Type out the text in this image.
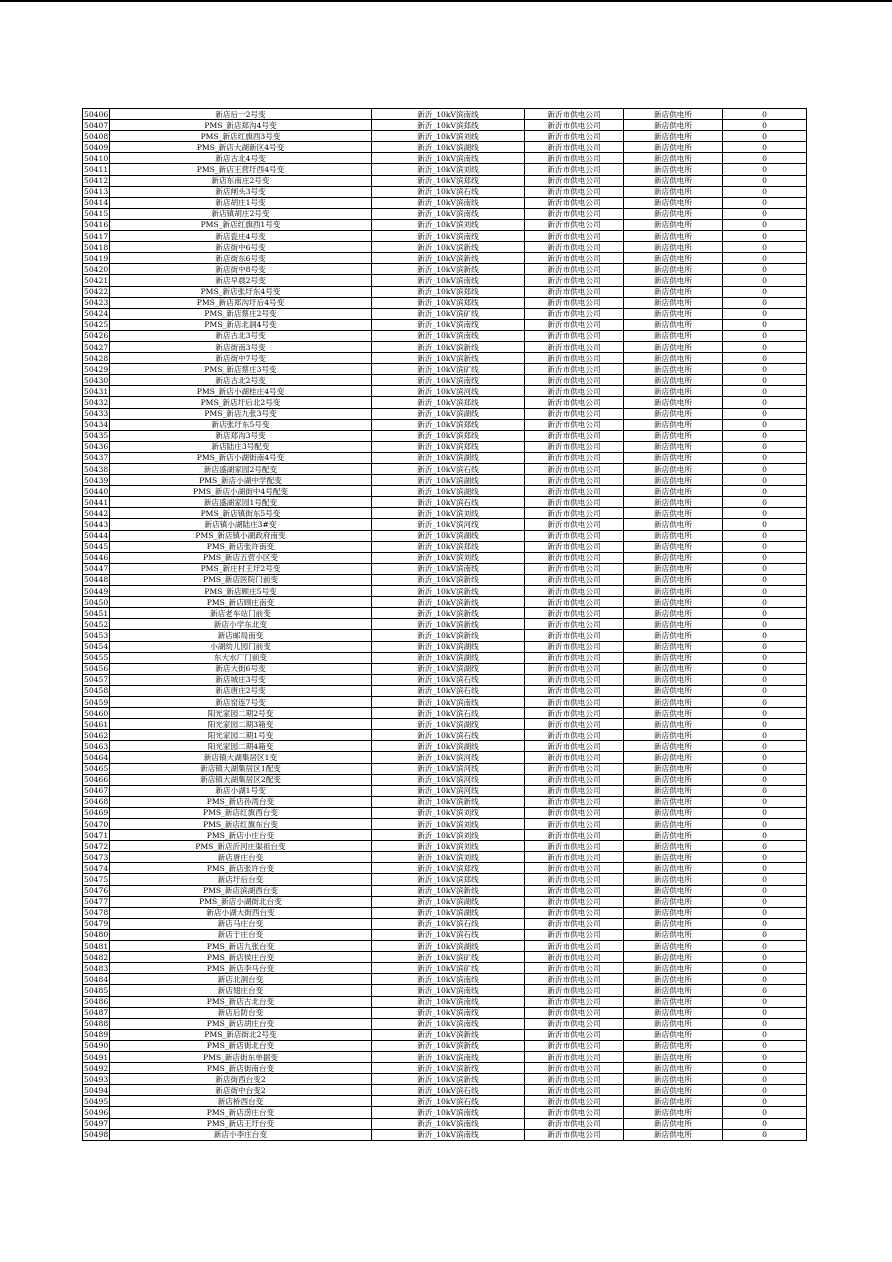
50406	新店后一2号变	新沂_10kV滨南线	新沂市供电公司	新店供电所	0
50407	PMS_新店郑沟4号变	新沂_10kV滨郑线	新沂市供电公司	新店供电所	0
50408	PMS_新店红旗西3号变	新沂_10kV滨刘线	新沂市供电公司	新店供电所	0
50409	PMS_新店大湖新区4号变	新沂_10kV滨湖线	新沂市供电公司	新店供电所	0
50410	新店古北4号变	新沂_10kV滨南线	新沂市供电公司	新店供电所	0
50411	PMS_新店王营圩西4号变	新沂_10kV滨刘线	新沂市供电公司	新店供电所	0
50412	新店东南庄2号变	新沂_10kV滨郑线	新沂市供电公司	新店供电所	0
50413	新店闸头3号变	新沂_10kV滨石线	新沂市供电公司	新店供电所	0
50414	新店胡庄1号变	新沂_10kV滨南线	新沂市供电公司	新店供电所	0
50415	新店镇胡庄2号变	新沂_10kV滨南线	新沂市供电公司	新店供电所	0
50416	PMS_新店红旗西1号变	新沂_10kV滨刘线	新沂市供电公司	新店供电所	0
50417	新店瓷庄4号变	新沂_10kV滨南线	新沂市供电公司	新店供电所	0
50418	新店街中6号变	新沂_10kV滨新线	新沂市供电公司	新店供电所	0
50419	新店街东6号变	新沂_10kV滨新线	新沂市供电公司	新店供电所	0
50420	新店街中8号变	新沂_10kV滨新线	新沂市供电公司	新店供电所	0
50421	新店早晨2号变	新沂_10kV滨南线	新沂市供电公司	新店供电所	0
50422	PMS_新店张圩东4号变	新沂_10kV滨郑线	新沂市供电公司	新店供电所	0
50423	PMS_新店郑沟圩后4号变	新沂_10kV滨郑线	新沂市供电公司	新店供电所	0
50424	PMS_新店蔡庄2号变	新沂_10kV滨矿线	新沂市供电公司	新店供电所	0
50425	PMS_新店北洞4号变	新沂_10kV滨南线	新沂市供电公司	新店供电所	0
50426	新店古北3号变	新沂_10kV滨南线	新沂市供电公司	新店供电所	0
50427	新店街南3号变	新沂_10kV滨新线	新沂市供电公司	新店供电所	0
50428	新店街中7号变	新沂_10kV滨新线	新沂市供电公司	新店供电所	0
50429	PMS_新店蔡庄3号变	新沂_10kV滨矿线	新沂市供电公司	新店供电所	0
50430	新店古北2号变	新沂_10kV滨南线	新沂市供电公司	新店供电所	0
50431	PMS_新店小湖桂庄4号变	新沂_10kV滨河线	新沂市供电公司	新店供电所	0
50432	PMS_新店圩后北2号变	新沂_10kV滨郑线	新沂市供电公司	新店供电所	0
50433	PMS_新店九张3号变	新沂_10kV滨湖线	新沂市供电公司	新店供电所	0
50434	新店张圩东5号变	新沂_10kV滨郑线	新沂市供电公司	新店供电所	0
50435	新店郑沟3号变	新沂_10kV滨郑线	新沂市供电公司	新店供电所	0
50436	新店陆庄3号配变	新沂_10kV滨郑线	新沂市供电公司	新店供电所	0
50437	PMS_新店小湖街南4号变	新沂_10kV滨湖线	新沂市供电公司	新店供电所	0
50438	新店盛湖家园2号配变	新沂_10kV滨石线	新沂市供电公司	新店供电所	0
50439	PMS_新店小湖中学配变	新沂_10kV滨湖线	新沂市供电公司	新店供电所	0
50440	PMS_新店小湖街中4号配变	新沂_10kV滨湖线	新沂市供电公司	新店供电所	0
50441	新店盛湖家园1号配变	新沂_10kV滨石线	新沂市供电公司	新店供电所	0
50442	PMS_新店镇街东5号变	新沂_10kV滨刘线	新沂市供电公司	新店供电所	0
50443	新店镇小湖陆庄3#变	新沂_10kV滨河线	新沂市供电公司	新店供电所	0
50444	PMS_新店镇小湖政府南变	新沂_10kV滨湖线	新沂市供电公司	新店供电所	0
50445	PMS_新店张许南变	新沂_10kV滨郑线	新沂市供电公司	新店供电所	0
50446	PMS_新店五营小区变	新沂_10kV滨刘线	新沂市供电公司	新店供电所	0
50447	PMS_新庄村王圩2号变	新沂_10kV滨南线	新沂市供电公司	新店供电所	0
50448	PMS_新店医院门前变	新沂_10kV滨新线	新沂市供电公司	新店供电所	0
50449	PMS_新店顾庄5号变	新沂_10kV滨新线	新沂市供电公司	新店供电所	0
50450	PMS_新店顾庄南变	新沂_10kV滨新线	新沂市供电公司	新店供电所	0
50451	新店老车站门前变	新沂_10kV滨新线	新沂市供电公司	新店供电所	0
50452	新店小学东北变	新沂_10kV滨新线	新沂市供电公司	新店供电所	0
50453	新店邮局南变	新沂_10kV滨新线	新沂市供电公司	新店供电所	0
50454	小湖幼儿园门前变	新沂_10kV滨湖线	新沂市供电公司	新店供电所	0
50455	东大水厂门前变	新沂_10kV滨湖线	新沂市供电公司	新店供电所	0
50456	新店大街6号变	新沂_10kV滨湖线	新沂市供电公司	新店供电所	0
50457	新店城庄3号变	新沂_10kV滨石线	新沂市供电公司	新店供电所	0
50458	新店唐庄2号变	新沂_10kV滨石线	新沂市供电公司	新店供电所	0
50459	新店窑连7号变	新沂_10kV滨南线	新沂市供电公司	新店供电所	0
50460	阳光家园二期2号变	新沂_10kV滨石线	新沂市供电公司	新店供电所	0
50461	阳光家园二期3箱变	新沂_10kV滨湖线	新沂市供电公司	新店供电所	0
50462	阳光家园二期1号变	新沂_10kV滨石线	新沂市供电公司	新店供电所	0
50463	阳光家园二期4箱变	新沂_10kV滨湖线	新沂市供电公司	新店供电所	0
50464	新店镇大湖集居区1变	新沂_10kV滨河线	新沂市供电公司	新店供电所	0
50465	新店镇大湖集居区1配变	新沂_10kV滨河线	新沂市供电公司	新店供电所	0
50466	新店镇大湖集居区2配变	新沂_10kV滨河线	新沂市供电公司	新店供电所	0
50467	新店小湖1号变	新沂_10kV滨河线	新沂市供电公司	新店供电所	0
50468	PMS_新店孙湾台变	新沂_10kV滨新线	新沂市供电公司	新店供电所	0
50469	PMS_新店红旗西台变	新沂_10kV滨刘线	新沂市供电公司	新店供电所	0
50470	PMS_新店红旗东台变	新沂_10kV滨刘线	新沂市供电公司	新店供电所	0
50471	PMS_新店小庄台变	新沂_10kV滨刘线	新沂市供电公司	新店供电所	0
50472	PMS_新店沂河庄渠祖台变	新沂_10kV滨刘线	新沂市供电公司	新店供电所	0
50473	新店唐庄台变	新沂_10kV滨刘线	新沂市供电公司	新店供电所	0
50474	PMS_新店张许台变	新沂_10kV滨郑线	新沂市供电公司	新店供电所	0
50475	新店圩后台变	新沂_10kV滨郑线	新沂市供电公司	新店供电所	0
50476	PMS_新店滨湖西台变	新沂_10kV滨新线	新沂市供电公司	新店供电所	0
50477	PMS_新店小湖街北台变	新沂_10kV滨湖线	新沂市供电公司	新店供电所	0
50478	新店小湖大街西台变	新沂_10kV滨湖线	新沂市供电公司	新店供电所	0
50479	新店马庄台变	新沂_10kV滨石线	新沂市供电公司	新店供电所	0
50480	新店于庄台变	新沂_10kV滨石线	新沂市供电公司	新店供电所	0
50481	PMS_新店九张台变	新沂_10kV滨湖线	新沂市供电公司	新店供电所	0
50482	PMS_新店侯庄台变	新沂_10kV滨矿线	新沂市供电公司	新店供电所	0
50483	PMS_新店李马台变	新沂_10kV滨矿线	新沂市供电公司	新店供电所	0
50484	新店北洞台变	新沂_10kV滨南线	新沂市供电公司	新店供电所	0
50485	新店翅庄台变	新沂_10kV滨南线	新沂市供电公司	新店供电所	0
50486	PMS_新店古北台变	新沂_10kV滨南线	新沂市供电公司	新店供电所	0
50487	新店后防台变	新沂_10kV滨南线	新沂市供电公司	新店供电所	0
50488	PMS_新店胡庄台变	新沂_10kV滨南线	新沂市供电公司	新店供电所	0
50489	PMS_新店街北2号变	新沂_10kV滨新线	新沂市供电公司	新店供电所	0
50490	PMS_新店街北台变	新沂_10kV滨新线	新沂市供电公司	新店供电所	0
50491	PMS_新店街东单据变	新沂_10kV滨南线	新沂市供电公司	新店供电所	0
50492	PMS_新店街南台变	新沂_10kV滨新线	新沂市供电公司	新店供电所	0
50493	新店街西台变2	新沂_10kV滨新线	新沂市供电公司	新店供电所	0
50494	新店街中台变2	新沂_10kV滨石线	新沂市供电公司	新店供电所	0
50495	新店桥西台变	新沂_10kV滨石线	新沂市供电公司	新店供电所	0
50496	PMS_新店涝庄台变	新沂_10kV滨南线	新沂市供电公司	新店供电所	0
50497	PMS_新店王圩台变	新沂_10kV滨南线	新沂市供电公司	新店供电所	0
50498	新店小李庄台变	新沂_10kV滨南线	新沂市供电公司	新店供电所	0
